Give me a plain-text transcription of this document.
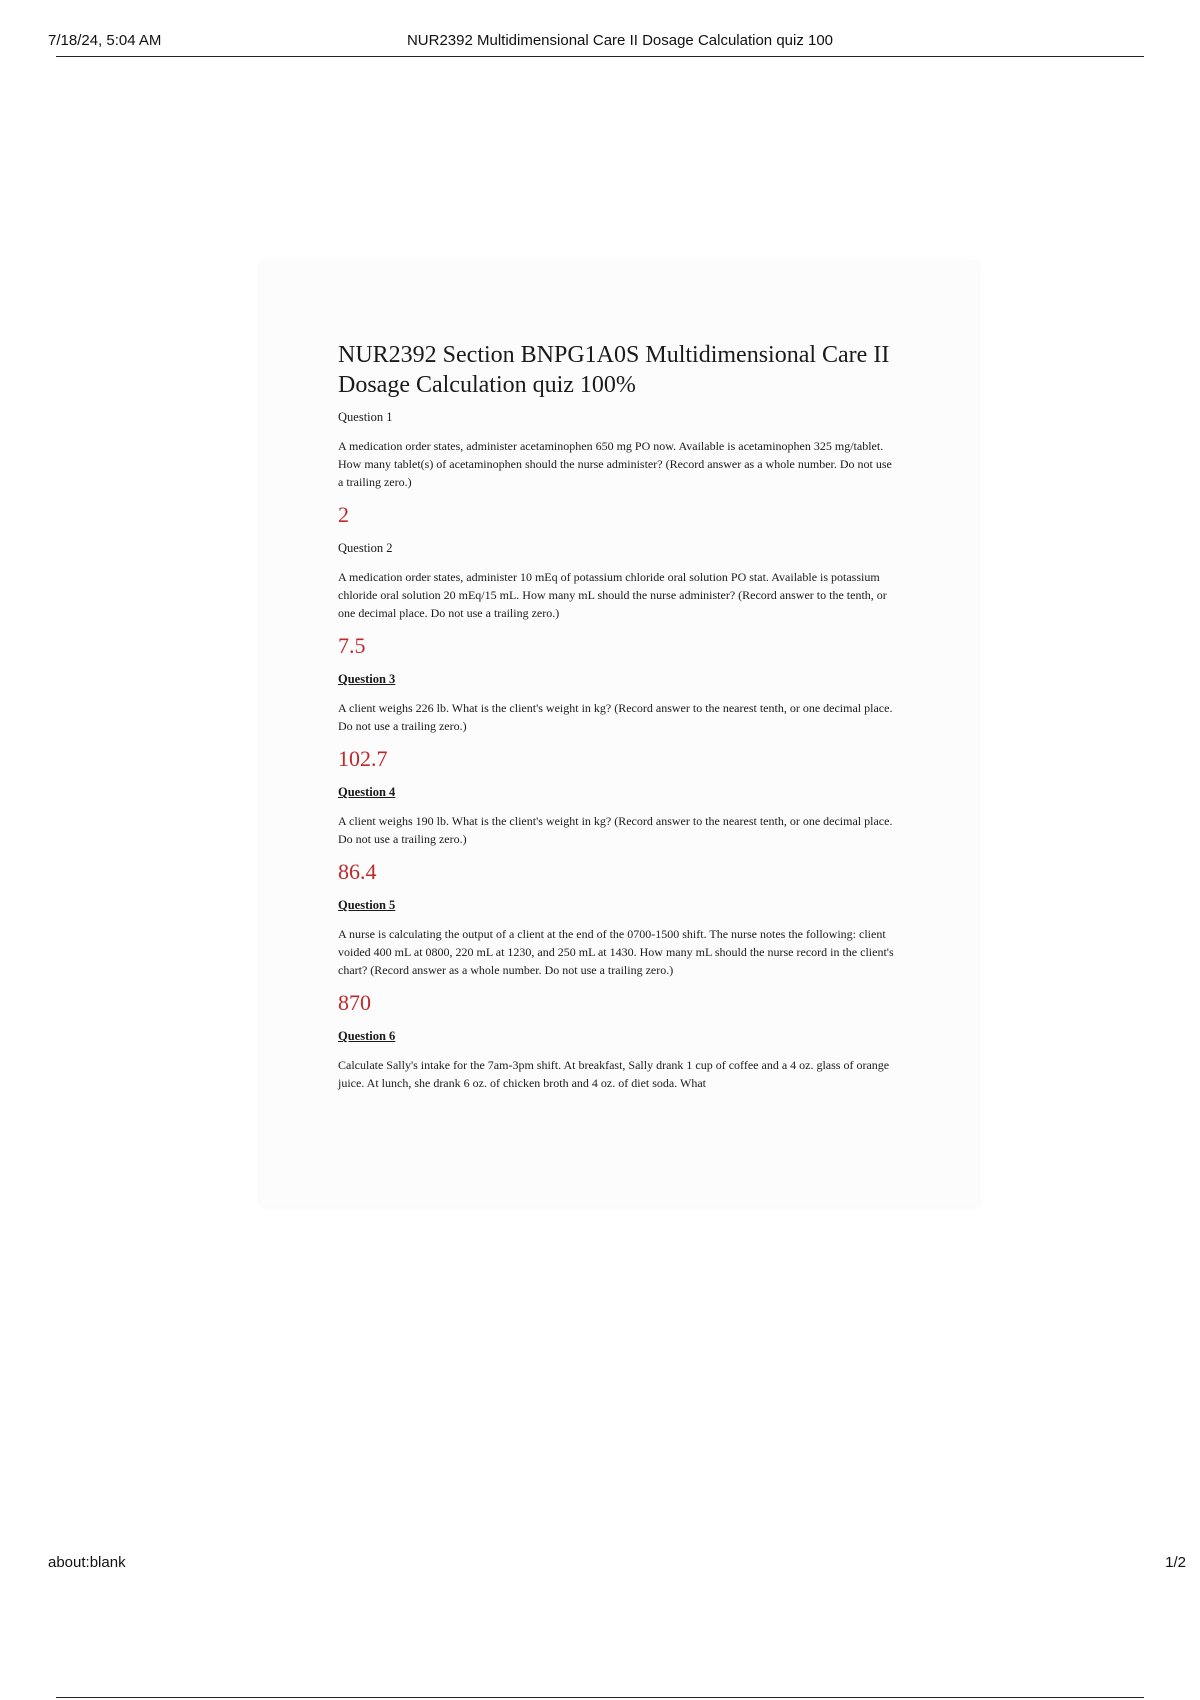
7/18/24, 5:04 AM	NUR2392 Multidimensional Care II Dosage Calculation quiz 100
NUR2392 Section BNPG1A0S Multidimensional Care II
Dosage Calculation quiz 100%

Question 1

A medication order states, administer acetaminophen 650 mg PO now. Available is acetaminophen 325 mg/tablet. How many tablet(s) of acetaminophen should the nurse administer? (Record answer as a whole number. Do not use a trailing zero.)

2

Question 2

A medication order states, administer 10 mEq of potassium chloride oral solution PO stat. Available is potassium chloride oral solution 20 mEq/15 mL. How many mL should the nurse administer? (Record answer to the tenth, or one decimal place. Do not use a trailing zero.)

7.5

Question 3

A client weighs 226 lb. What is the client's weight in kg? (Record answer to the nearest tenth, or one decimal place. Do not use a trailing zero.)

102.7

Question 4

A client weighs 190 lb. What is the client's weight in kg? (Record answer to the nearest tenth, or one decimal place. Do not use a trailing zero.)

86.4

Question 5

A nurse is calculating the output of a client at the end of the 0700-1500 shift. The nurse notes the following: client voided 400 mL at 0800, 220 mL at 1230, and 250 mL at 1430. How many mL should the nurse record in the client's chart? (Record answer as a whole number. Do not use a trailing zero.)

870

Question 6

Calculate Sally's intake for the 7am-3pm shift. At breakfast, Sally drank 1 cup of coffee and a 4 oz. glass of orange juice. At lunch, she drank 6 oz. of chicken broth and 4 oz. of diet soda. What

about:blank	1/2
